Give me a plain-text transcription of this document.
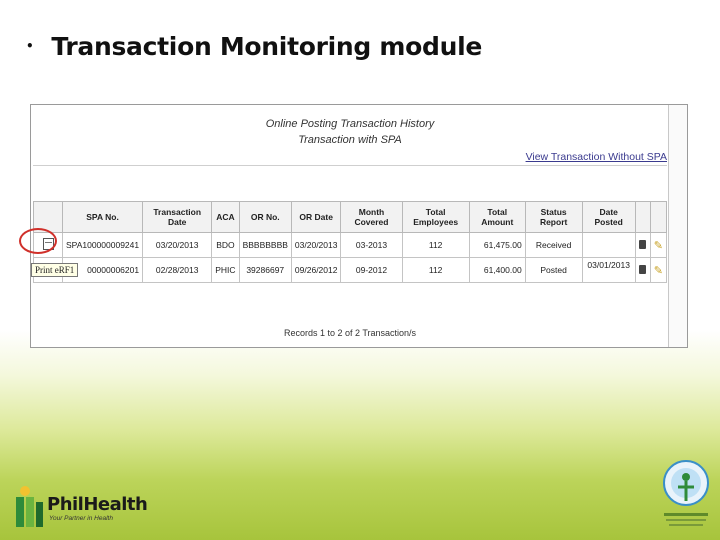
• Transaction Monitoring module
Online Posting Transaction History
Transaction with SPA
View Transaction Without SPA
	SPA No.	Transaction Date	ACA	OR No.	OR Date	Month Covered	Total Employees	Total Amount	Status Report	Date Posted		
	SPA100000009241	03/20/2013	BDO	BBBBBBBB	03/20/2013	03-2013	112	61,475.00	Received			✎
	00000006201	02/28/2013	PHIC	39286697	09/26/2012	09-2012	112	61,400.00	Posted	03/01/2013		✎
Print eRF1
Records 1 to 2 of 2 Transaction/s
PhilHealth
Your Partner in Health
